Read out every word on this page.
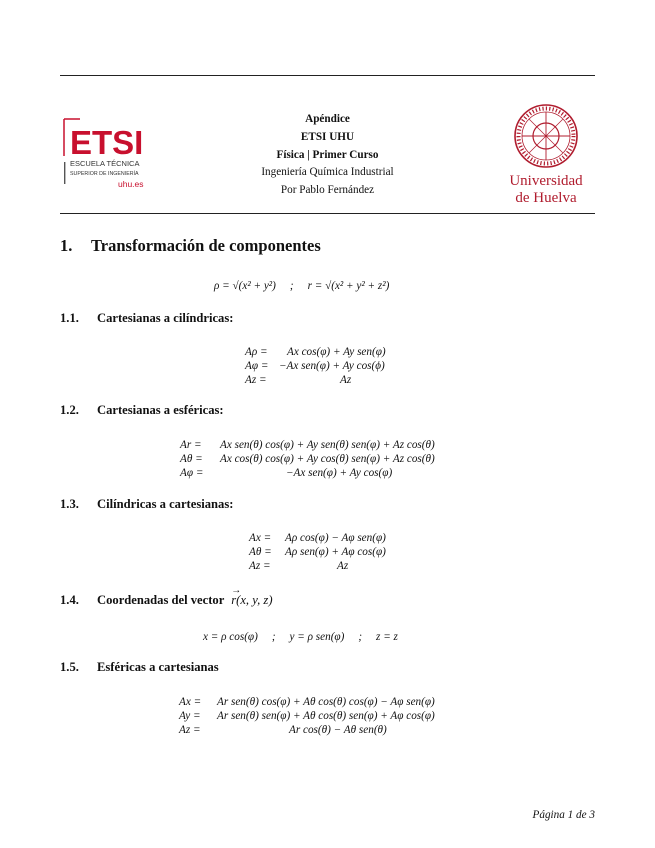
ETSI
ESCUELA TÉCNICA
SUPERIOR DE INGENIERÍA
uhu.es
Apéndice
ETSI UHU
Física | Primer Curso
Ingeniería Química Industrial
Por Pablo Fernández
Universidad
de Huelva
1. Transformación de componentes
ρ = √(x² + y²)     ;     r = √(x² + y² + z²)
1.1. Cartesianas a cilíndricas:
Aρ = Ax cos(φ) + Ay sen(φ)
Aφ = −Ax sen(φ) + Ay cos(ϕ)
Az =	Az
1.2. Cartesianas a esféricas:
Ar = Ax sen(θ) cos(φ) + Ay sen(θ) sen(φ) + Az cos(θ)
Aθ = Ax cos(θ) cos(φ) + Ay cos(θ) sen(φ) + Az cos(θ)
Aφ =	−Ax sen(φ) + Ay cos(φ)
1.3. Cilíndricas a cartesianas:
Ax = Aρ cos(φ) − Aφ sen(φ)
Aθ = Aρ sen(φ) + Aφ cos(φ)
Az =	Az
1.4. Coordenadas del vector
→
r(x, y, z)
x = ρ cos(φ)     ;     y = ρ sen(φ)     ;     z = z
1.5. Esféricas a cartesianas
Ax = Ar sen(θ) cos(φ) + Aθ cos(θ) cos(φ) − Aφ sen(φ)
Ay = Ar sen(θ) sen(φ) + Aθ cos(θ) sen(φ) + Aφ cos(φ)
Az =	Ar cos(θ) − Aθ sen(θ)
Página 1 de 3
